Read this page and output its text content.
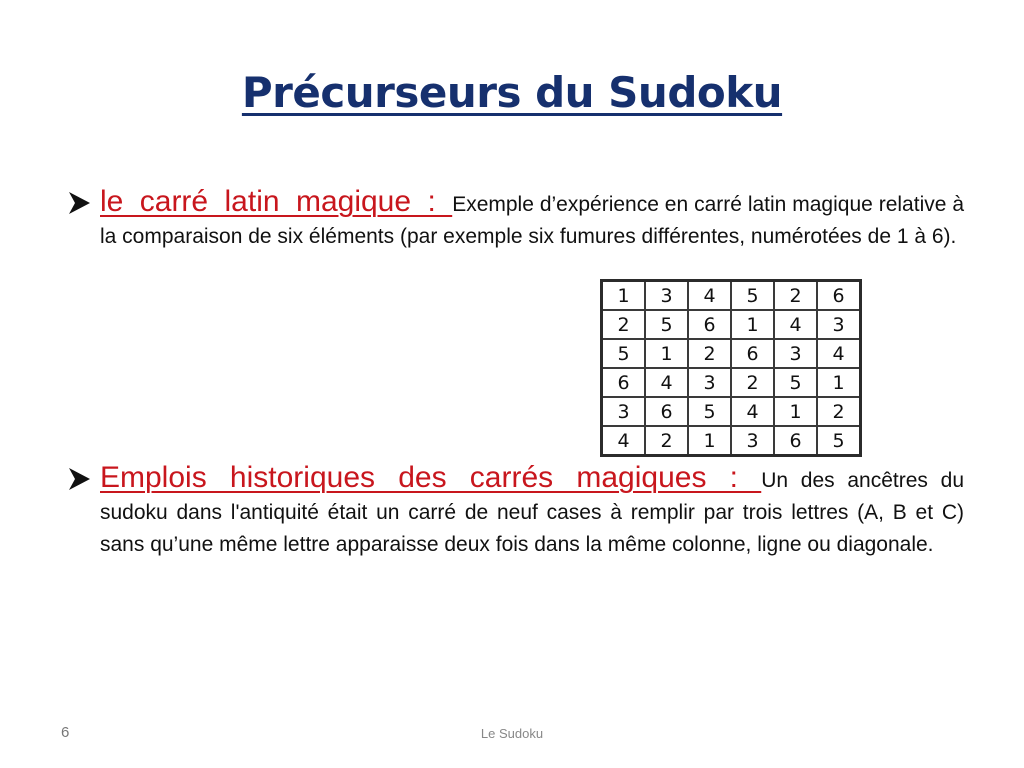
Précurseurs du Sudoku
le carré latin magique : Exemple d’expérience en carré latin magique relative à la comparaison de six éléments (par exemple six fumures différentes, numérotées de 1 à 6).
1	3	4	5	2	6
2	5	6	1	4	3
5	1	2	6	3	4
6	4	3	2	5	1
3	6	5	4	1	2
4	2	1	3	6	5
Emplois historiques des carrés magiques : Un des ancêtres du sudoku dans l'antiquité était un carré de neuf cases à remplir par trois lettres (A, B et C) sans qu’une même lettre apparaisse deux fois dans la même colonne, ligne ou diagonale.
6	Le Sudoku
